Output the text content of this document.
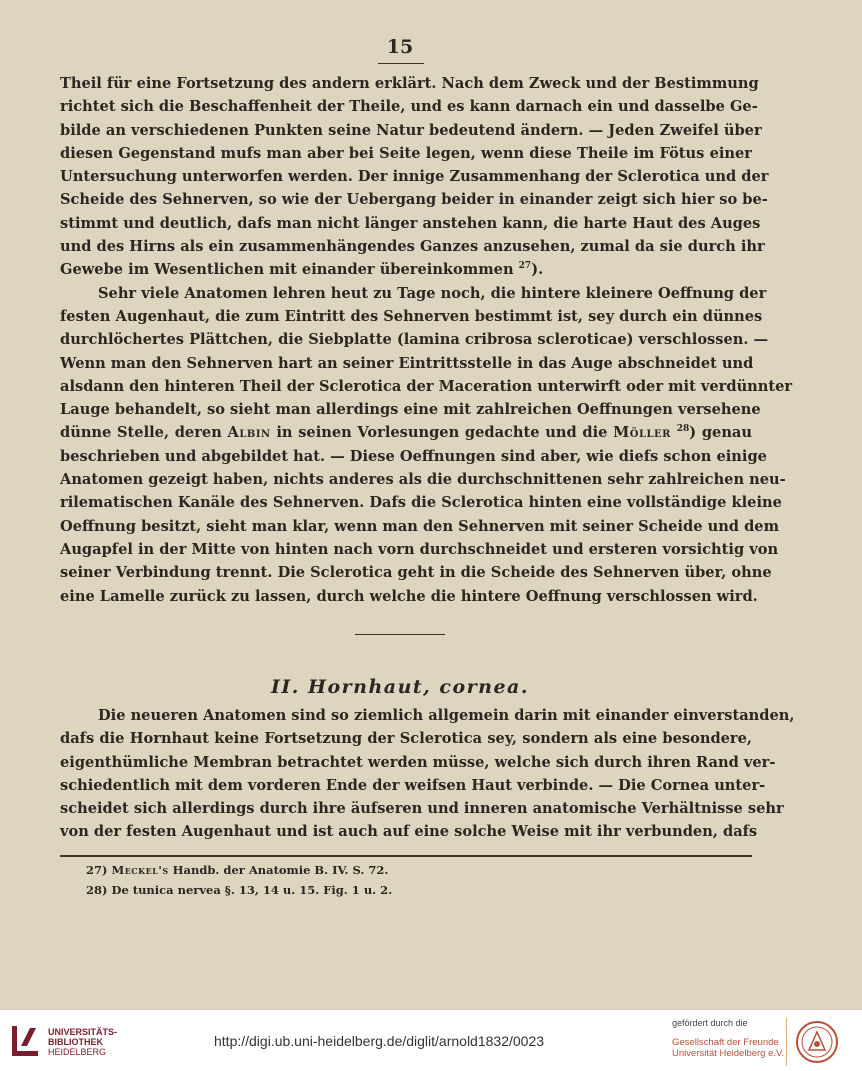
15
Theil für eine Fortsetzung des andern erklärt. Nach dem Zweck und der Bestimmung
richtet sich die Beschaffenheit der Theile, und es kann darnach ein und dasselbe Ge-
bilde an verschiedenen Punkten seine Natur bedeutend ändern. — Jeden Zweifel über
diesen Gegenstand mufs man aber bei Seite legen, wenn diese Theile im Fötus einer
Untersuchung unterworfen werden. Der innige Zusammenhang der Sclerotica und der
Scheide des Sehnerven, so wie der Uebergang beider in einander zeigt sich hier so be-
stimmt und deutlich, dafs man nicht länger anstehen kann, die harte Haut des Auges
und des Hirns als ein zusammenhängendes Ganzes anzusehen, zumal da sie durch ihr
Gewebe im Wesentlichen mit einander übereinkommen $^{27}$).
Sehr viele Anatomen lehren heut zu Tage noch, die hintere kleinere Oeffnung der
festen Augenhaut, die zum Eintritt des Sehnerven bestimmt ist, sey durch ein dünnes
durchlöchertes Plättchen, die Siebplatte (lamina cribrosa scleroticae) verschlossen. —
Wenn man den Sehnerven hart an seiner Eintrittsstelle in das Auge abschneidet und
alsdann den hinteren Theil der Sclerotica der Maceration unterwirft oder mit verdünnter
Lauge behandelt, so sieht man allerdings eine mit zahlreichen Oeffnungen versehene
dünne Stelle, deren Albin in seinen Vorlesungen gedachte und die Möller $^{28}$) genau
beschrieben und abgebildet hat. — Diese Oeffnungen sind aber, wie diefs schon einige
Anatomen gezeigt haben, nichts anderes als die durchschnittenen sehr zahlreichen neu-
rilematischen Kanäle des Sehnerven. Dafs die Sclerotica hinten eine vollständige kleine
Oeffnung besitzt, sieht man klar, wenn man den Sehnerven mit seiner Scheide und dem
Augapfel in der Mitte von hinten nach vorn durchschneidet und ersteren vorsichtig von
seiner Verbindung trennt. Die Sclerotica geht in die Scheide des Sehnerven über, ohne
eine Lamelle zurück zu lassen, durch welche die hintere Oeffnung verschlossen wird.
II. Hornhaut, cornea.
Die neueren Anatomen sind so ziemlich allgemein darin mit einander einverstanden,
dafs die Hornhaut keine Fortsetzung der Sclerotica sey, sondern als eine besondere,
eigenthümliche Membran betrachtet werden müsse, welche sich durch ihren Rand ver-
schiedentlich mit dem vorderen Ende der weifsen Haut verbinde. — Die Cornea unter-
scheidet sich allerdings durch ihre äufseren und inneren anatomische Verhältnisse sehr
von der festen Augenhaut und ist auch auf eine solche Weise mit ihr verbunden, dafs
27) Meckel's Handb. der Anatomie B. IV. S. 72.
28) De tunica nervea §. 13, 14 u. 15. Fig. 1 u. 2.
UNIVERSITÄTS-
BIBLIOTHEK
HEIDELBERG
http://digi.ub.uni-heidelberg.de/diglit/arnold1832/0023
gefördert durch die
Gesellschaft der Freunde
Universität Heidelberg e.V.
